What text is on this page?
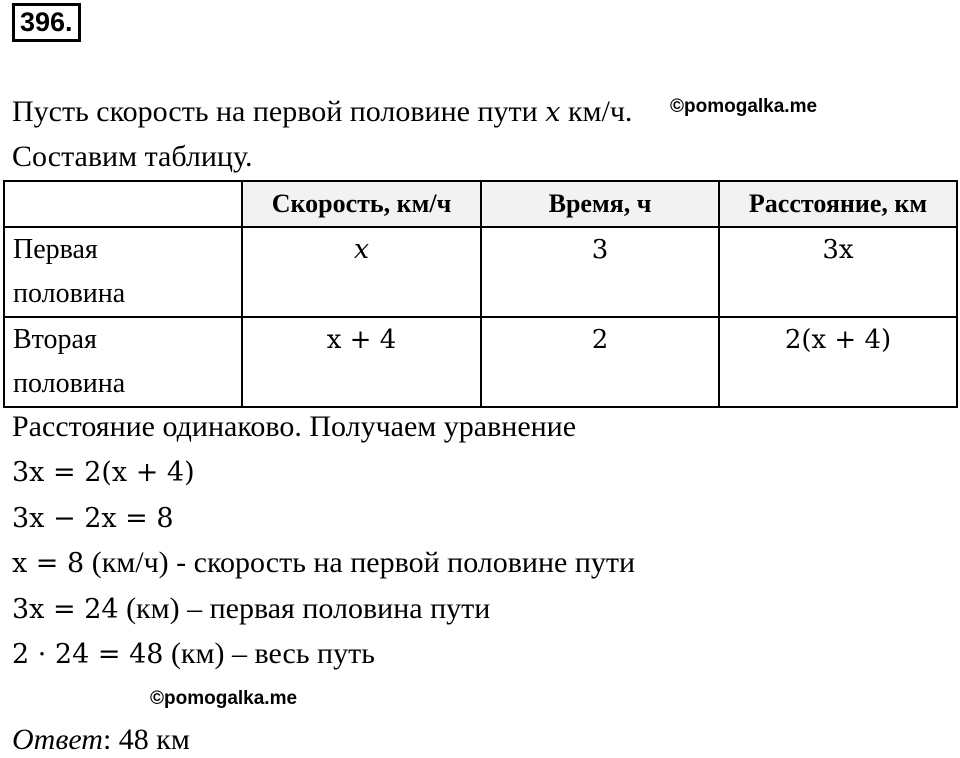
396.
Пусть скорость на первой половине пути x км/ч. ©pomogalka.me
Составим таблицу.
	Скорость, км/ч	Время, ч	Расстояние, км
Первая
половина	x	3	3x
Вторая
половина	x + 4	2	2(x + 4)
Расстояние одинаково. Получаем уравнение
3x = 2(x + 4)
3x − 2x = 8
x = 8 (км/ч) - скорость на первой половине пути
3x = 24 (км) – первая половина пути
2 · 24 = 48 (км) – весь путь
©pomogalka.me
Ответ: 48 км
